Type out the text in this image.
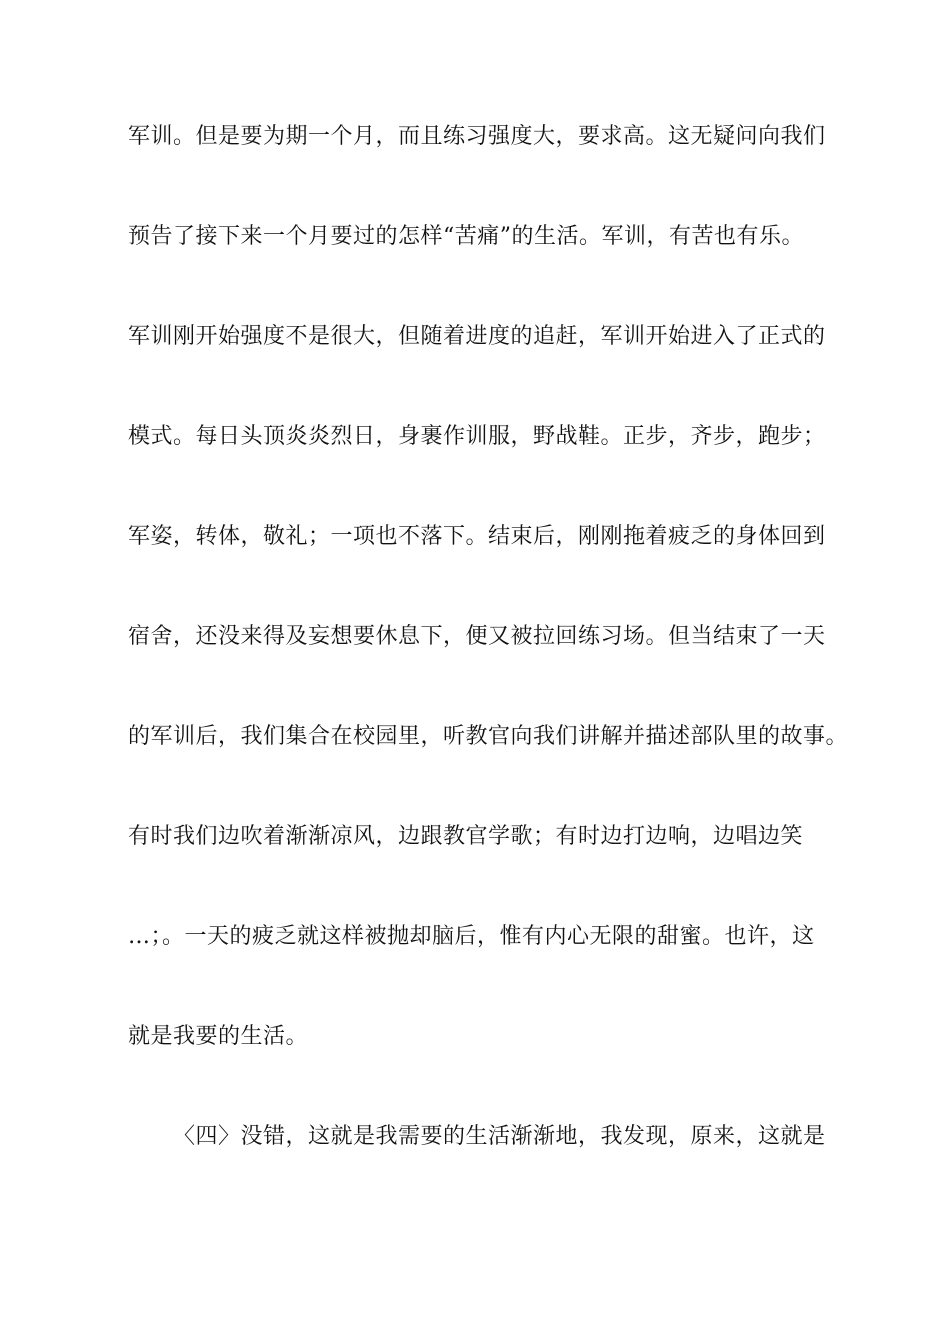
军训。但是要为期一个月，而且练习强度大，要求高。这无疑问向我们
预告了接下来一个月要过的怎样“苦痛”的生活。军训，有苦也有乐。
军训刚开始强度不是很大，但随着进度的追赶，军训开始进入了正式的
模式。每日头顶炎炎烈日，身裹作训服，野战鞋。正步，齐步，跑步；
军姿，转体，敬礼；一项也不落下。结束后，刚刚拖着疲乏的身体回到
宿舍，还没来得及妄想要休息下，便又被拉回练习场。但当结束了一天
的军训后，我们集合在校园里，听教官向我们讲解并描述部队里的故事。
有时我们边吹着渐渐凉风，边跟教官学歌；有时边打边响，边唱边笑
…；。一天的疲乏就这样被抛却脑后，惟有内心无限的甜蜜。也许，这
就是我要的生活。
〈四〉没错，这就是我需要的生活渐渐地，我发现，原来，这就是
